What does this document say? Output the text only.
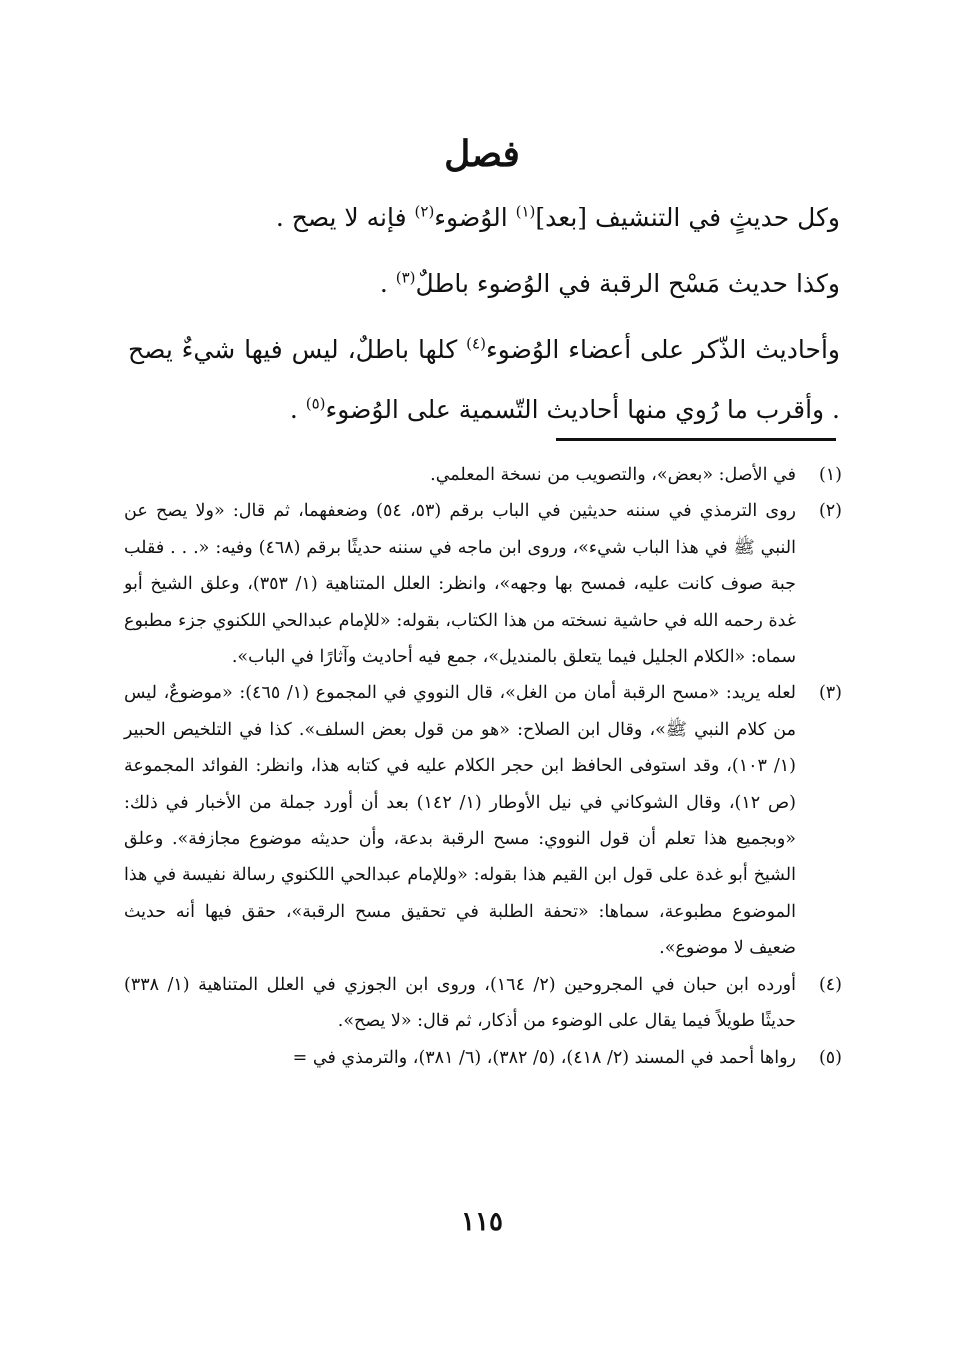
فصل

وكل حديثٍ في التنشيف [بعد]$^{(١)}$ الوُضوء$^{(٢)}$ فإنه لا يصح .

وكذا حديث مَسْح الرقبة في الوُضوء باطلٌ$^{(٣)}$ .

وأحاديث الذّكر على أعضاء الوُضوء$^{(٤)}$ كلها باطلٌ، ليس فيها شيءٌ يصح . وأقرب ما رُوي منها أحاديث التّسمية على الوُضوء$^{(٥)}$ .

(١)
في الأصل: «بعض»، والتصويب من نسخة المعلمي.
(٢)
روى الترمذي في سننه حديثين في الباب برقم (٥٣، ٥٤) وضعفهما، ثم قال: «ولا يصح عن النبي ﷺ في هذا الباب شيء»، وروى ابن ماجه في سننه حديثًا برقم (٤٦٨) وفيه: «. . . فقلب جبة صوف كانت عليه، فمسح بها وجهه»، وانظر: العلل المتناهية (١/ ٣٥٣)، وعلق الشيخ أبو غدة رحمه الله في حاشية نسخته من هذا الكتاب، بقوله: «للإمام عبدالحي اللكنوي جزء مطبوع سماه: «الكلام الجليل فيما يتعلق بالمنديل»، جمع فيه أحاديث وآثارًا في الباب».
(٣)
لعله يريد: «مسح الرقبة أمان من الغل»، قال النووي في المجموع (١/ ٤٦٥): «موضوعٌ، ليس من كلام النبي ﷺ»، وقال ابن الصلاح: «هو من قول بعض السلف». كذا في التلخيص الحبير (١/ ١٠٣)، وقد استوفى الحافظ ابن حجر الكلام عليه في كتابه هذا، وانظر: الفوائد المجموعة (ص ١٢)، وقال الشوكاني في نيل الأوطار (١/ ١٤٢) بعد أن أورد جملة من الأخبار في ذلك: «وبجميع هذا تعلم أن قول النووي: مسح الرقبة بدعة، وأن حديثه موضوع مجازفة». وعلق الشيخ أبو غدة على قول ابن القيم هذا بقوله: «وللإمام عبدالحي اللكنوي رسالة نفيسة في هذا الموضوع مطبوعة، سماها: «تحفة الطلبة في تحقيق مسح الرقبة»، حقق فيها أنه حديث ضعيف لا موضوع».
(٤)
أورده ابن حبان في المجروحين (٢/ ١٦٤)، وروى ابن الجوزي في العلل المتناهية (١/ ٣٣٨) حديثًا طويلاً فيما يقال على الوضوء من أذكار، ثم قال: «لا يصح».
(٥)
رواها أحمد في المسند (٢/ ٤١٨)، (٥/ ٣٨٢)، (٦/ ٣٨١)، والترمذي في =
١١٥
